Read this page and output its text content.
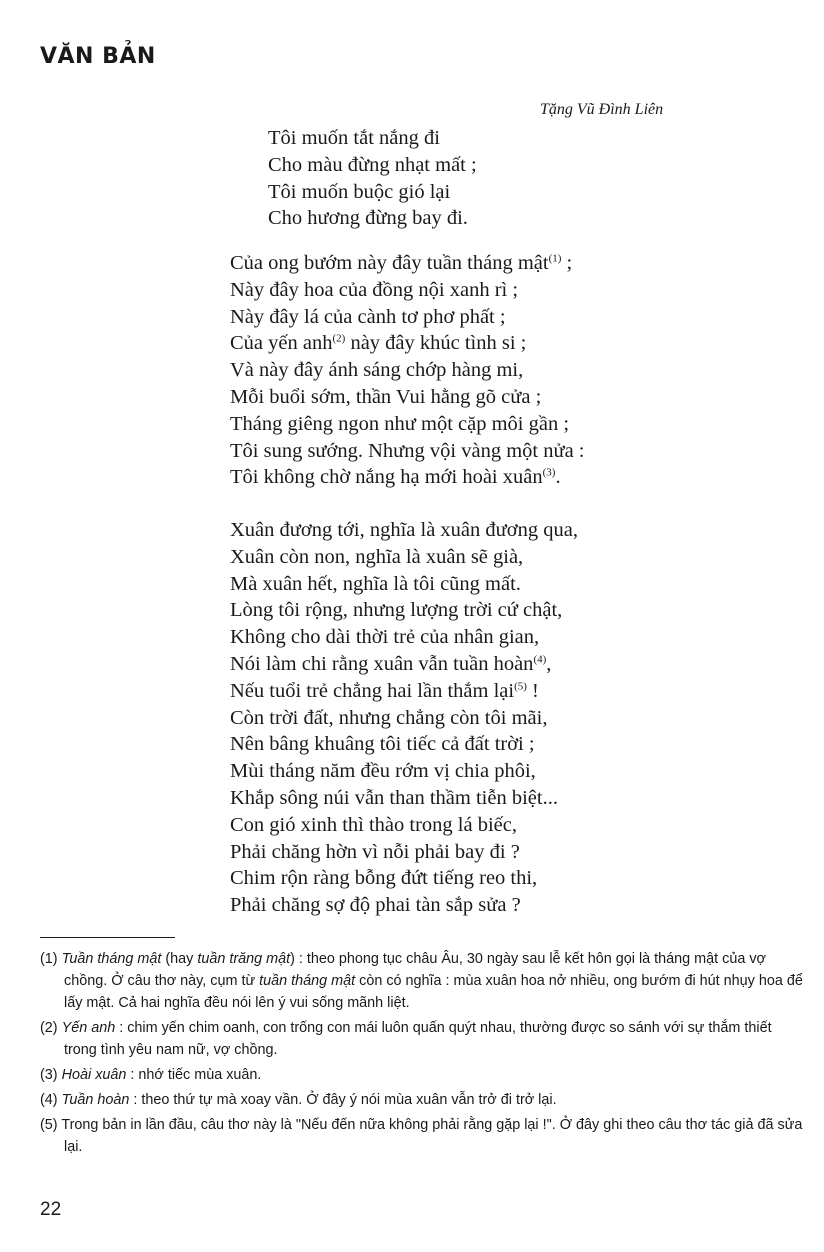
VĂN BẢN
Tặng Vũ Đình Liên
Tôi muốn tắt nắng đi
Cho màu đừng nhạt mất ;
Tôi muốn buộc gió lại
Cho hương đừng bay đi.
Của ong bướm này đây tuần tháng mật$^{(1)}$ ;
Này đây hoa của đồng nội xanh rì ;
Này đây lá của cành tơ phơ phất ;
Của yến anh$^{(2)}$ này đây khúc tình si ;
Và này đây ánh sáng chớp hàng mi,
Mỗi buổi sớm, thần Vui hằng gõ cửa ;
Tháng giêng ngon như một cặp môi gần ;
Tôi sung sướng. Nhưng vội vàng một nửa :
Tôi không chờ nắng hạ mới hoài xuân$^{(3)}$.
Xuân đương tới, nghĩa là xuân đương qua,
Xuân còn non, nghĩa là xuân sẽ già,
Mà xuân hết, nghĩa là tôi cũng mất.
Lòng tôi rộng, nhưng lượng trời cứ chật,
Không cho dài thời trẻ của nhân gian,
Nói làm chi rằng xuân vẫn tuần hoàn$^{(4)}$,
Nếu tuổi trẻ chẳng hai lần thắm lại$^{(5)}$ !
Còn trời đất, nhưng chẳng còn tôi mãi,
Nên bâng khuâng tôi tiếc cả đất trời ;
Mùi tháng năm đều rớm vị chia phôi,
Khắp sông núi vẫn than thầm tiễn biệt...
Con gió xinh thì thào trong lá biếc,
Phải chăng hờn vì nỗi phải bay đi ?
Chim rộn ràng bỗng đứt tiếng reo thi,
Phải chăng sợ độ phai tàn sắp sửa ?
(1) Tuần tháng mật (hay tuần trăng mật) : theo phong tục châu Âu, 30 ngày sau lễ kết hôn gọi là tháng mật của vợ chồng. Ở câu thơ này, cụm từ tuần tháng mật còn có nghĩa : mùa xuân hoa nở nhiều, ong bướm đi hút nhụy hoa để lấy mật. Cả hai nghĩa đều nói lên ý vui sống mãnh liệt.
(2) Yến anh : chim yến chim oanh, con trống con mái luôn quấn quýt nhau, thường được so sánh với sự thắm thiết trong tình yêu nam nữ, vợ chồng.
(3) Hoài xuân : nhớ tiếc mùa xuân.
(4) Tuần hoàn : theo thứ tự mà xoay vần. Ở đây ý nói mùa xuân vẫn trở đi trở lại.
(5) Trong bản in lần đầu, câu thơ này là "Nếu đến nữa không phải rằng gặp lại !". Ở đây ghi theo câu thơ tác giả đã sửa lại.
22
